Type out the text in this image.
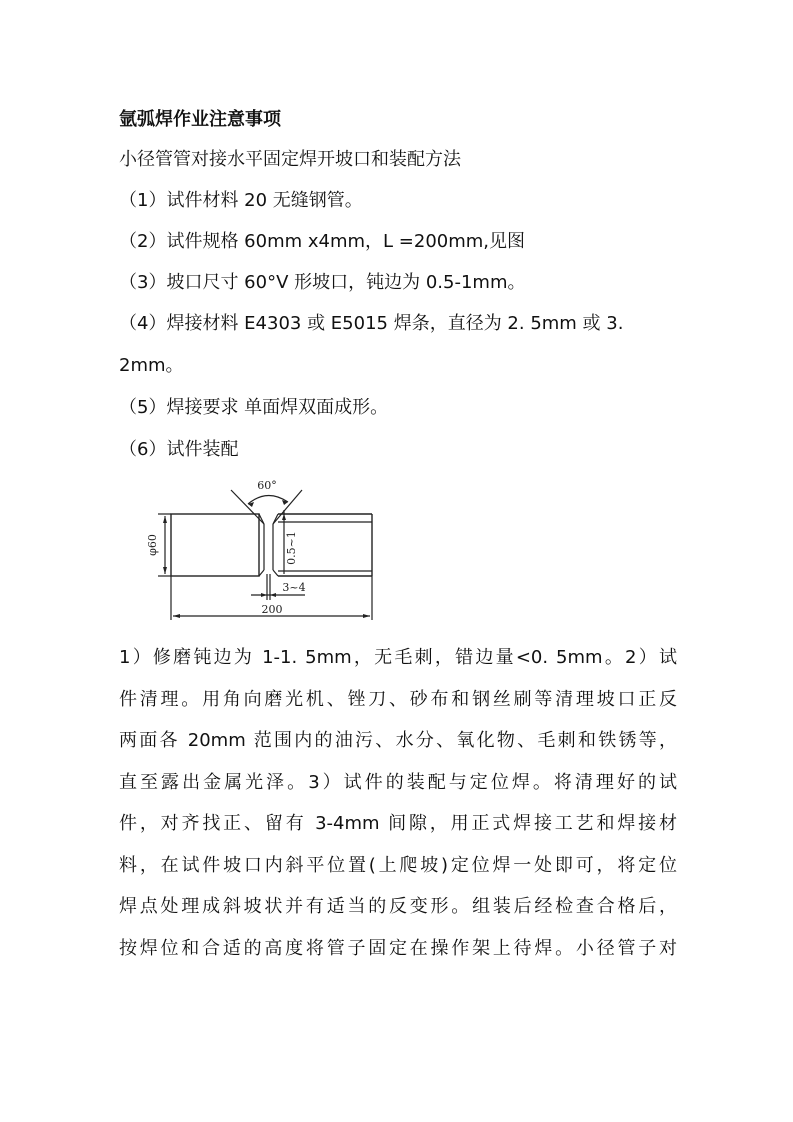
氩弧焊作业注意事项
小径管管对接水平固定焊开坡口和装配方法
（1）试件材料 20 无缝钢管。
（2）试件规格 60mm x4mm，L =200mm,见图
（3）坡口尺寸 60°V 形坡口，钝边为 0.5-1mm。
（4）焊接材料 E4303 或 E5015 焊条，直径为 2. 5mm 或 3.
2mm。
（5）焊接要求 单面焊双面成形。
（6）试件装配
60°
φ60	0.5~1
3~4
200
1）修磨钝边为 1-1. 5mm，无毛刺，错边量<0. 5mm。2）试
件清理。用角向磨光机、锉刀、砂布和钢丝刷等清理坡口正反
两面各 20mm 范围内的油污、水分、氧化物、毛刺和铁锈等，
直至露出金属光泽。3）试件的装配与定位焊。将清理好的试
件，对齐找正、留有 3-4mm 间隙，用正式焊接工艺和焊接材
料，在试件坡口内斜平位置(上爬坡)定位焊一处即可，将定位
焊点处理成斜坡状并有适当的反变形。组装后经检查合格后，
按焊位和合适的高度将管子固定在操作架上待焊。小径管子对
